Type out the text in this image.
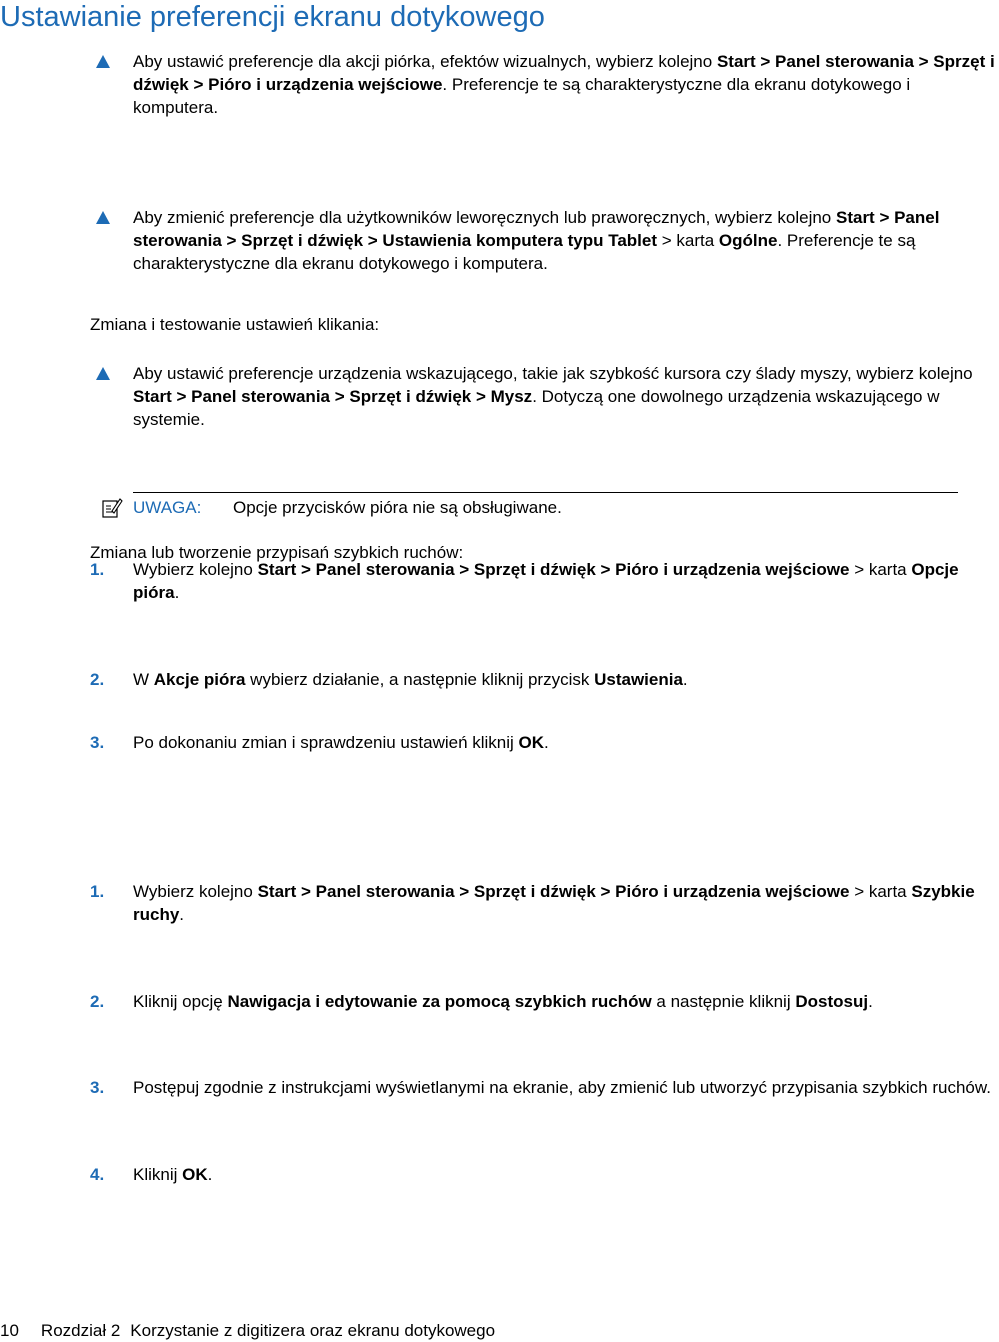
Ustawianie preferencji ekranu dotykowego
Aby ustawić preferencje dla akcji piórka, efektów wizualnych, wybierz kolejno Start > Panel sterowania > Sprzęt i dźwięk > Pióro i urządzenia wejściowe. Preferencje te są charakterystyczne dla ekranu dotykowego i komputera.
Aby zmienić preferencje dla użytkowników leworęcznych lub praworęcznych, wybierz kolejno Start > Panel sterowania > Sprzęt i dźwięk > Ustawienia komputera typu Tablet > karta Ogólne. Preferencje te są charakterystyczne dla ekranu dotykowego i komputera.
Aby ustawić preferencje urządzenia wskazującego, takie jak szybkość kursora czy ślady myszy, wybierz kolejno Start > Panel sterowania > Sprzęt i dźwięk > Mysz. Dotyczą one dowolnego urządzenia wskazującego w systemie.
Zmiana i testowanie ustawień klikania:
1. Wybierz kolejno Start > Panel sterowania > Sprzęt i dźwięk > Pióro i urządzenia wejściowe > karta Opcje pióra.
2. W Akcje pióra wybierz działanie, a następnie kliknij przycisk Ustawienia.
3. Po dokonaniu zmian i sprawdzeniu ustawień kliknij OK.
UWAGA: Opcje przycisków pióra nie są obsługiwane.
Zmiana lub tworzenie przypisań szybkich ruchów:
1. Wybierz kolejno Start > Panel sterowania > Sprzęt i dźwięk > Pióro i urządzenia wejściowe > karta Szybkie ruchy.
2. Kliknij opcję Nawigacja i edytowanie za pomocą szybkich ruchów a następnie kliknij Dostosuj.
3. Postępuj zgodnie z instrukcjami wyświetlanymi na ekranie, aby zmienić lub utworzyć przypisania szybkich ruchów.
4. Kliknij OK.
10 Rozdział 2 Korzystanie z digitizera oraz ekranu dotykowego
